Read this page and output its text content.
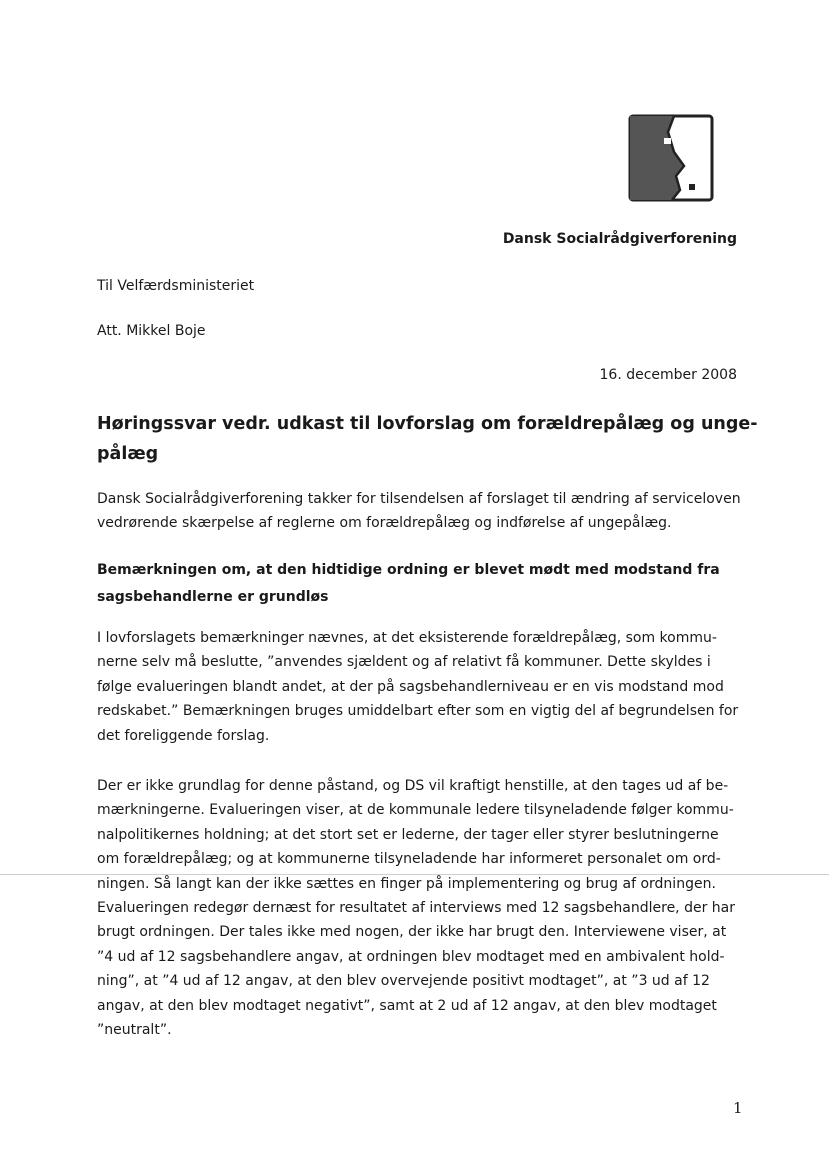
Dansk Socialrådgiverforening
Til Velfærdsministeriet
Att. Mikkel Boje
16. december 2008
Høringssvar vedr. udkast til lovforslag om forældrepålæg og unge-
pålæg

Dansk Socialrådgiverforening takker for tilsendelsen af forslaget til ændring af serviceloven
vedrørende skærpelse af reglerne om forældrepålæg og indførelse af ungepålæg.

Bemærkningen om, at den hidtidige ordning er blevet mødt med modstand fra
sagsbehandlerne er grundløs

I lovforslagets bemærkninger nævnes, at det eksisterende forældrepålæg, som kommu-
nerne selv må beslutte, ”anvendes sjældent og af relativt få kommuner. Dette skyldes i
følge evalueringen blandt andet, at der på sagsbehandlerniveau er en vis modstand mod
redskabet.” Bemærkningen bruges umiddelbart efter som en vigtig del af begrundelsen for
det foreliggende forslag.

Der er ikke grundlag for denne påstand, og DS vil kraftigt henstille, at den tages ud af be-
mærkningerne. Evalueringen viser, at de kommunale ledere tilsyneladende følger kommu-
nalpolitikernes holdning; at det stort set er lederne, der tager eller styrer beslutningerne
om forældrepålæg; og at kommunerne tilsyneladende har informeret personalet om ord-
ningen. Så langt kan der ikke sættes en finger på implementering og brug af ordningen.
Evalueringen redegør dernæst for resultatet af interviews med 12 sagsbehandlere, der har
brugt ordningen. Der tales ikke med nogen, der ikke har brugt den. Interviewene viser, at
”4 ud af 12 sagsbehandlere angav, at ordningen blev modtaget med en ambivalent hold-
ning”, at ”4 ud af 12 angav, at den blev overvejende positivt modtaget”, at ”3 ud af 12
angav, at den blev modtaget negativt”, samt at 2 ud af 12 angav, at den blev modtaget
”neutralt”.

1
